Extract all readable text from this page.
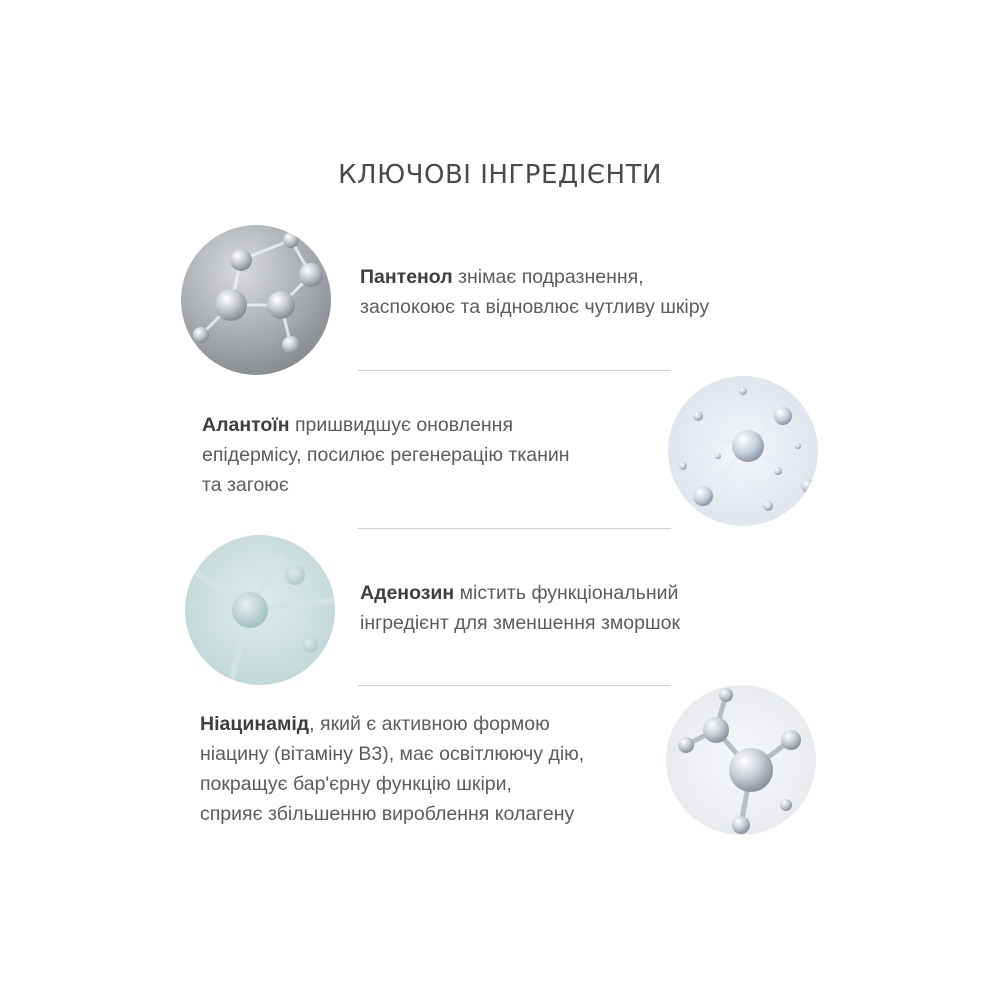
КЛЮЧОВІ ІНГРЕДІЄНТИ
Пантенол знімає подразнення,
заспокоює та відновлює чутливу шкіру
Алантоїн пришвидшує оновлення
епідермісу, посилює регенерацію тканин
та загоює
Аденозин містить функціональний
інгредієнт для зменшення зморшок
Ніацинамід, який є активною формою
ніацину (вітаміну B3), має освітлюючу дію,
покращує бар'єрну функцію шкіри,
сприяє збільшенню вироблення колагену
